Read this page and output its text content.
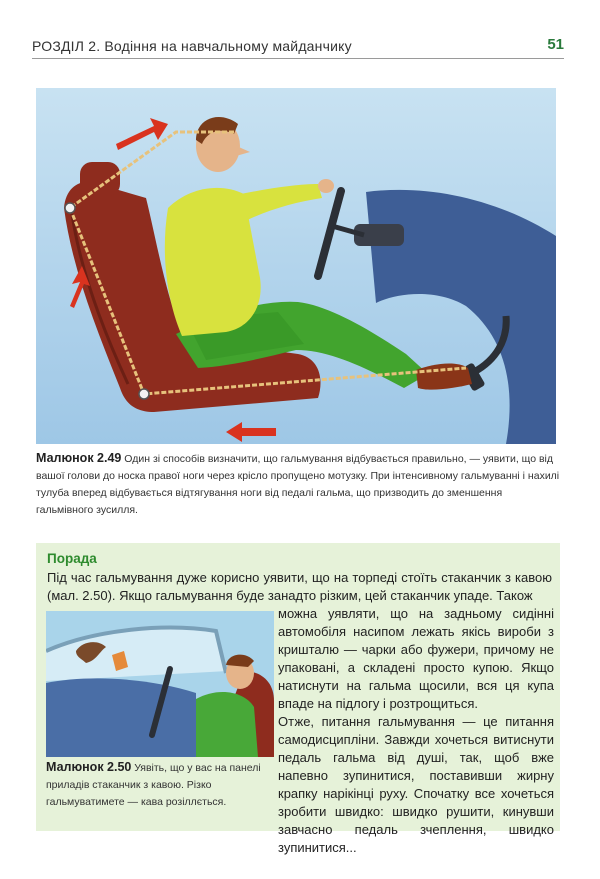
РОЗДІЛ 2. Водіння на навчальному майданчику	51
Малюнок 2.49 Один зі способів визначити, що гальмування відбувається правильно, — уявити, що від вашої голови до носка правої ноги через крісло пропущено мотузку. При інтенсивному гальмуванні і нахилі тулуба вперед відбувається відтягування ноги від педалі гальма, що призводить до зменшення гальмівного зусилля.
Порада
Під час гальмування дуже корисно уявити, що на торпеді стоїть стаканчик з кавою (мал. 2.50). Якщо гальмування буде занадто різким, цей стаканчик упаде. Також

можна уявляти, що на задньому сидінні автомобіля насипом лежать якісь вироби з кришталю — чарки або фужери, причому не упаковані, а складені просто купою. Якщо натиснути на гальма щосили, вся ця купа впаде на підлогу і розтрощиться.

Отже, питання гальмування — це питання самодисципліни. Завжди хочеться витиснути педаль гальма від душі, так, щоб вже напевно зупинитися, поставивши жирну крапку нарікінці руху. Спочатку все хочеться зробити швидко: швидко рушити, кинувши завчасно педаль зчеплення, швидко зупинитися...

Малюнок 2.50 Уявіть, що у вас на панелі приладів стаканчик з кавою. Різко гальмуватимете — кава розіллється.
